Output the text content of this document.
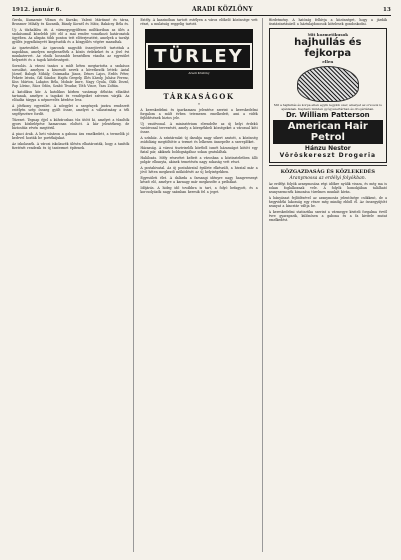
1912. január 6.	ARADI KÖZLÖNY	13

Gerda, Kumarnie Vilmos és Kursko, Valent Mártinné és társa, Bruszner Mihály és Kozarák, Bándy Kornél és Mátz, Bakácsy Béla és.

Uj: A tűzhalálra itt. A vármegyegyűlésen múltkoriban az ülés a szokásosnál közelebb jött elő a mai rendre vonatkozó határozatok ügyében. Az alispán több ponton tett előterjesztést, amelyek a tavalyi gyűlés jegyzőkönyvét kiegészítik és a közgyűlés végére maradtak.

Az ipartestület. Az iparosok nagyobb összejövetelt tartottak a napokban, amelyen megbeszélték a közös érdekeket és a jövő évi munkatervet. Az elnök hosszabb beszédben vázolta az egyesület helyzetét és a tagok kötelességeit.

Sorsolás. A városi tanács a múlt héten megtartotta a szokásos sorsolást, amelyen a kisorsolt nevek a következők lettek: Antal József, Balogh Mihály, Csizmadia János, Dénes Lajos, Erdős Péter, Fekete István, Gál Sándor, Hajdu Gergely, Illés Károly, Juhász Ferenc, Kiss Márton, Lakatos Béla, Molnár Imre, Nagy Gyula, Oláh Dezső, Pap Lőrinc, Rácz Ödön, Szabó Tivadar, Tóth Vince, Vass Zoltán.

A katolikus kör. A katolikus körben vasárnap délután előadást tartanak, amelyre a tagokat és vendégeiket szívesen várják. Az előadás tárgya a népnevelés kérdése lesz.

A jótékony egyesület. A nőegylet a szegények javára rendezett estélyén szép összeg gyűlt össze, amelyet a választmány a téli segélyezésre fordít.

Tűzeset. Tegnap éjjel a külvárosban tűz ütött ki, amelyet a tűzoltók gyors közbelépése hamarosan eloltott. A kár jelentékeny, de biztosítás révén megtérül.

A piaci árak. A heti vásáron a gabona ára emelkedett, a termelők jó kedvvel hozták be portékájukat.

Az iskolaszék. A városi iskolaszék ülésén elhatározták, hogy a tanítók fizetését rendezik és új tantermet építenek.

Estély. A kaszinóban tartott estélyen a város előkelő közönsége vett részt, a mulatság reggelig tartott.

TÜRLEY
Aradi Közlöny
TÁRKASÁGOK
*

A kereskedelmi és iparkamara jelentése szerint a kereskedelmi forgalom a múlt évben tetemesen emelkedett, ami a vidék fejlődésének biztos jele.

Uj vasútvonal. A minisztérium elrendelte az új helyi érdekű vasútvonal tervezését, amely a környékbeli községeket a várossal köti össze.

A színház. A színtársulat új darabja nagy sikert aratott, a közönség zsúfolásig megtöltötte a termet és lelkesen ünnepelte a szereplőket.

Házasság. A városi tisztviselők köréből ismét házasságot kötött egy fiatal pár, akiknek boldogságához sokan gratuláltak.

Halálozás. Mély részvétet keltett a városban a köztiszteletben álló polgár elhunyta, akinek temetésén nagy sokaság vett részt.

A postahivatal. Az új postahivatal épülete elkészült, a hivatal már a jövő héten megkezdi működését az új helyiségekben.

Egyesületi élet. A dalárda a farsangi idényre nagy hangversenyt készít elő, amelyre a karnagy már megkezdte a próbákat.

Időjárás. A hideg idő továbbra is tart, a folyó befagyott, és a korcsolyázók nagy számban keresik fel a jeget.

Hirdetmény. A hatóság felhívja a közönséget, hogy a járdák tisztántartásáról a háztulajdonosok kötelesek gondoskodni.

Mit kozmetikusok
hajhullás és fejkorpa
ellen
Mit a hajhullás és korpa ellen egyik legjobb szer, amelyet az orvosok is ajánlanak. Kapható minden gyógyszertárban és drogériában.
Dr. William Patterson
American Hair Petrol
Hánzu Nestor
Vöröskereszt Drogeria
KÖZGAZDASÁG ÉS KÖZLEKEDÉS
Aranymossa az erdélyi folyókban.

Az erdélyi folyók aranymosása régi időkre nyúlik vissza, és még ma is sokan foglalkoznak vele. A folyók homokjában található aranyszemcsék kimosása türelmes munkát kíván.

A bányászat fejlődésével az aranymosás jelentősége csökkent, de a hegyvidéki lakosság egy része még mindig ebből él. Az összegyűjtött aranyat a kincstár váltja be.

A kereskedelmi statisztika szerint a vármegye kiviteli forgalma évről évre gyarapszik, különösen a gabona és a fa kivitele mutat emelkedést.
